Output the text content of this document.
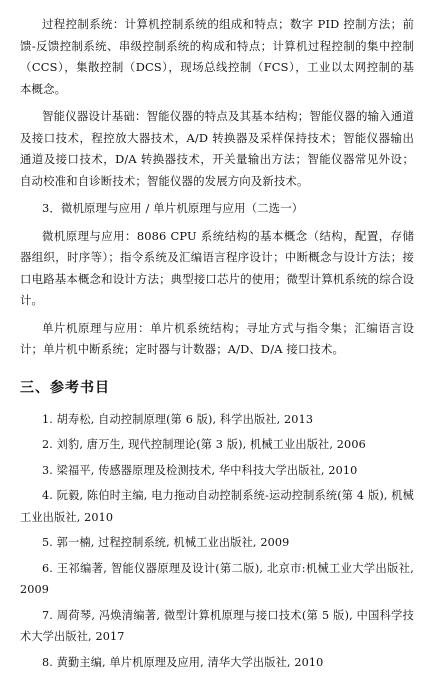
过程控制系统：计算机控制系统的组成和特点；数字 PID 控制方法；前馈-反馈控制系统、串级控制系统的构成和特点；计算机过程控制的集中控制（CCS），集散控制（DCS），现场总线控制（FCS），工业以太网控制的基本概念。

智能仪器设计基础：智能仪器的特点及其基本结构；智能仪器的输入通道及接口技术，程控放大器技术，A/D 转换器及采样保持技术；智能仪器输出通道及接口技术，D/A 转换器技术，开关量输出方法；智能仪器常见外设；自动校准和自诊断技术；智能仪器的发展方向及新技术。

3．微机原理与应用 / 单片机原理与应用（二选一）

微机原理与应用：8086 CPU 系统结构的基本概念（结构，配置，存储器组织，时序等）；指令系统及汇编语言程序设计；中断概念与设计方法；接口电路基本概念和设计方法；典型接口芯片的使用；微型计算机系统的综合设计。

单片机原理与应用：单片机系统结构；寻址方式与指令集；汇编语言设计；单片机中断系统；定时器与计数器；A/D、D/A 接口技术。

三、参考书目
1. 胡寿松, 自动控制原理(第 6 版), 科学出版社, 2013
2. 刘豹, 唐万生, 现代控制理论(第 3 版), 机械工业出版社, 2006
3. 梁福平, 传感器原理及检测技术, 华中科技大学出版社, 2010
4. 阮毅, 陈伯时主编, 电力拖动自动控制系统-运动控制系统(第 4 版), 机械工业出版社, 2010
5. 郭一楠, 过程控制系统, 机械工业出版社, 2009
6. 王祁编著, 智能仪器原理及设计(第二版), 北京市:机械工业大学出版社, 2009
7. 周荷琴, 冯焕清编著, 微型计算机原理与接口技术(第 5 版), 中国科学技术大学出版社, 2017
8. 黄勤主编, 单片机原理及应用, 清华大学出版社, 2010
